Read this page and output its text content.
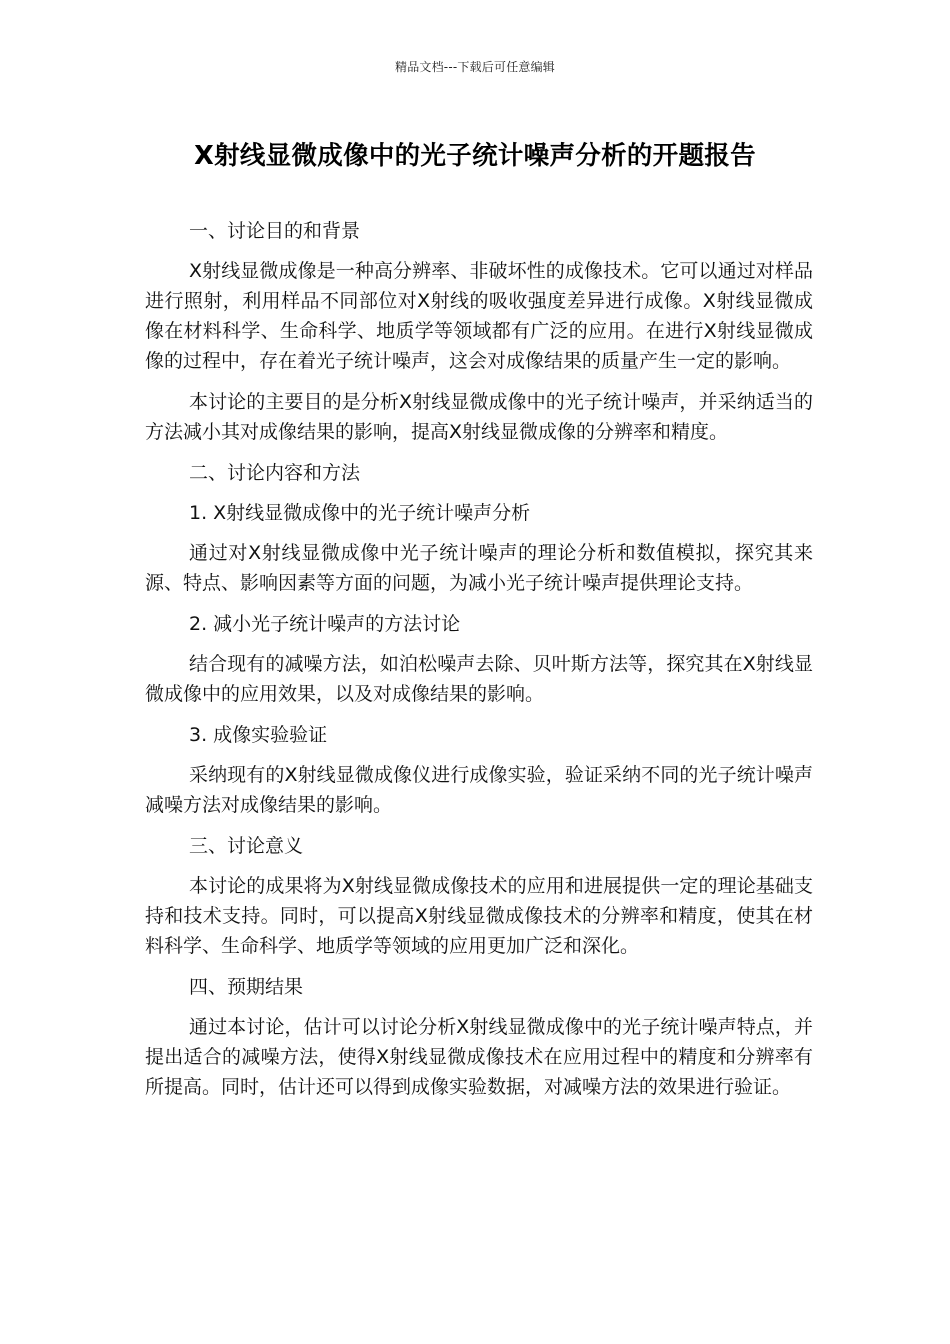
精品文档---下载后可任意编辑
X射线显微成像中的光子统计噪声分析的开题报告

一、讨论目的和背景

X射线显微成像是一种高分辨率、非破坏性的成像技术。它可以通过对样品进行照射，利用样品不同部位对X射线的吸收强度差异进行成像。X射线显微成像在材料科学、生命科学、地质学等领域都有广泛的应用。在进行X射线显微成像的过程中，存在着光子统计噪声，这会对成像结果的质量产生一定的影响。

本讨论的主要目的是分析X射线显微成像中的光子统计噪声，并采纳适当的方法减小其对成像结果的影响，提高X射线显微成像的分辨率和精度。

二、讨论内容和方法

1. X射线显微成像中的光子统计噪声分析

通过对X射线显微成像中光子统计噪声的理论分析和数值模拟，探究其来源、特点、影响因素等方面的问题，为减小光子统计噪声提供理论支持。

2. 减小光子统计噪声的方法讨论

结合现有的减噪方法，如泊松噪声去除、贝叶斯方法等，探究其在X射线显微成像中的应用效果，以及对成像结果的影响。

3. 成像实验验证

采纳现有的X射线显微成像仪进行成像实验，验证采纳不同的光子统计噪声减噪方法对成像结果的影响。

三、讨论意义

本讨论的成果将为X射线显微成像技术的应用和进展提供一定的理论基础支持和技术支持。同时，可以提高X射线显微成像技术的分辨率和精度，使其在材料科学、生命科学、地质学等领域的应用更加广泛和深化。

四、预期结果

通过本讨论，估计可以讨论分析X射线显微成像中的光子统计噪声特点，并提出适合的减噪方法，使得X射线显微成像技术在应用过程中的精度和分辨率有所提高。同时，估计还可以得到成像实验数据，对减噪方法的效果进行验证。
